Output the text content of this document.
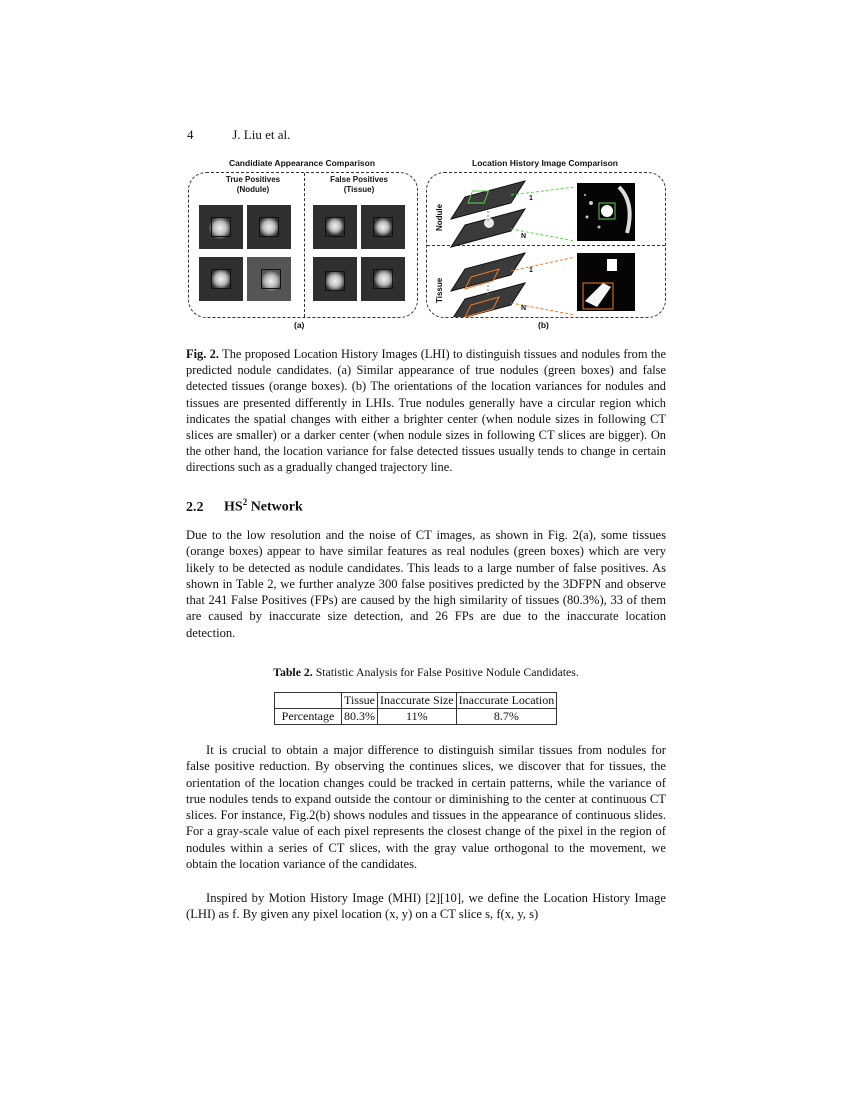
4	J. Liu et al.
Candidiate Appearance Comparison	Location History Image Comparison
True Positives
(Nodule)
False Positives
(Tissue)
Nodule
Tissue
1
N
1
N
(a)	(b)
Fig. 2. The proposed Location History Images (LHI) to distinguish tissues and nodules from the predicted nodule candidates. (a) Similar appearance of true nodules (green boxes) and false detected tissues (orange boxes). (b) The orientations of the location variances for nodules and tissues are presented differently in LHIs. True nodules generally have a circular region which indicates the spatial changes with either a brighter center (when nodule sizes in following CT slices are smaller) or a darker center (when nodule sizes in following CT slices are bigger). On the other hand, the location variance for false detected tissues usually tends to change in certain directions such as a gradually changed trajectory line.
2.2 $HS^2$ Network

Due to the low resolution and the noise of CT images, as shown in Fig. 2(a), some tissues (orange boxes) appear to have similar features as real nodules (green boxes) which are very likely to be detected as nodule candidates. This leads to a large number of false positives. As shown in Table 2, we further analyze 300 false positives predicted by the 3DFPN and observe that 241 False Positives (FPs) are caused by the high similarity of tissues (80.3%), 33 of them are caused by inaccurate size detection, and 26 FPs are due to the inaccurate location detection.

Table 2. Statistic Analysis for False Positive Nodule Candidates.
	Tissue	Inaccurate Size	Inaccurate Location
Percentage	80.3%	11%	8.7%

It is crucial to obtain a major difference to distinguish similar tissues from nodules for false positive reduction. By observing the continues slices, we discover that for tissues, the orientation of the location changes could be tracked in certain patterns, while the variance of true nodules tends to expand outside the contour or diminishing to the center at continuous CT slices. For instance, Fig.2(b) shows nodules and tissues in the appearance of continuous slides. For a gray-scale value of each pixel represents the closest change of the pixel in the region of nodules within a series of CT slices, with the gray value orthogonal to the movement, we obtain the location variance of the candidates.

Inspired by Motion History Image (MHI) [2][10], we define the Location History Image (LHI) as f. By given any pixel location (x, y) on a CT slice s, f(x, y, s)
